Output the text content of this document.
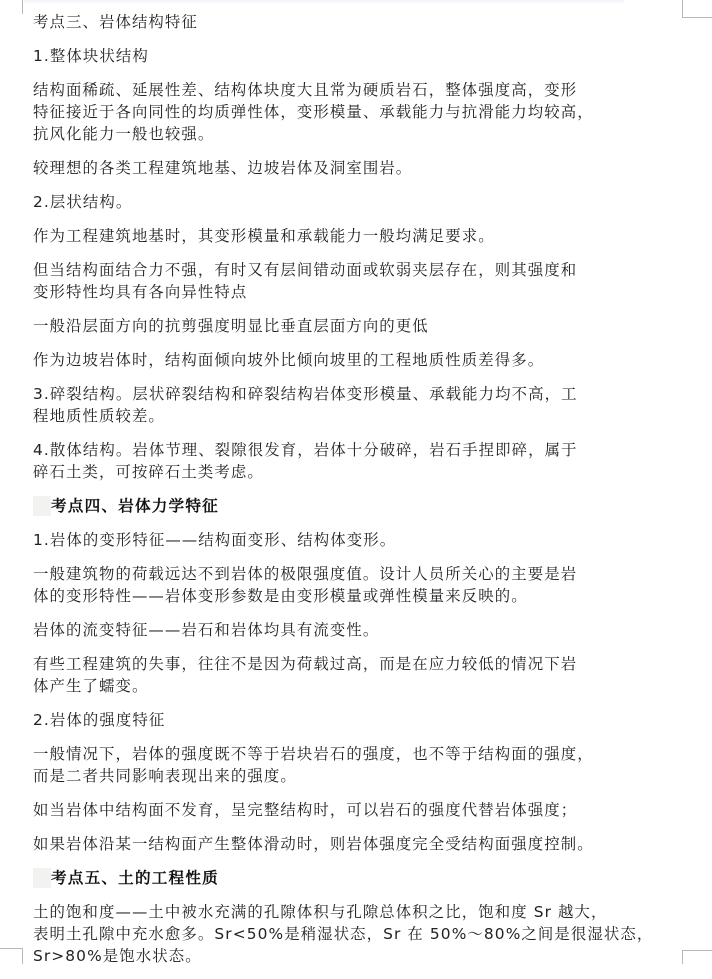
考点三、岩体结构特征
1.整体块状结构
结构面稀疏、延展性差、结构体块度大且常为硬质岩石，整体强度高，变形
特征接近于各向同性的均质弹性体，变形模量、承载能力与抗滑能力均较高，
抗风化能力一般也较强。
较理想的各类工程建筑地基、边坡岩体及洞室围岩。
2.层状结构。
作为工程建筑地基时，其变形模量和承载能力一般均满足要求。
但当结构面结合力不强，有时又有层间错动面或软弱夹层存在，则其强度和
变形特性均具有各向异性特点
一般沿层面方向的抗剪强度明显比垂直层面方向的更低
作为边坡岩体时，结构面倾向坡外比倾向坡里的工程地质性质差得多。
3.碎裂结构。层状碎裂结构和碎裂结构岩体变形模量、承载能力均不高，工
程地质性质较差。
4.散体结构。岩体节理、裂隙很发育，岩体十分破碎，岩石手捏即碎，属于
碎石土类，可按碎石土类考虑。
考点四、岩体力学特征
1.岩体的变形特征——结构面变形、结构体变形。
一般建筑物的荷载远达不到岩体的极限强度值。设计人员所关心的主要是岩
体的变形特性——岩体变形参数是由变形模量或弹性模量来反映的。
岩体的流变特征——岩石和岩体均具有流变性。
有些工程建筑的失事，往往不是因为荷载过高，而是在应力较低的情况下岩
体产生了蠕变。
2.岩体的强度特征
一般情况下，岩体的强度既不等于岩块岩石的强度，也不等于结构面的强度，
而是二者共同影响表现出来的强度。
如当岩体中结构面不发育，呈完整结构时，可以岩石的强度代替岩体强度；
如果岩体沿某一结构面产生整体滑动时，则岩体强度完全受结构面强度控制。
考点五、土的工程性质
土的饱和度——土中被水充满的孔隙体积与孔隙总体积之比，饱和度 Sr 越大，
表明土孔隙中充水愈多。Sr<50%是稍湿状态，Sr 在 50%～80%之间是很湿状态，
Sr>80%是饱水状态。
